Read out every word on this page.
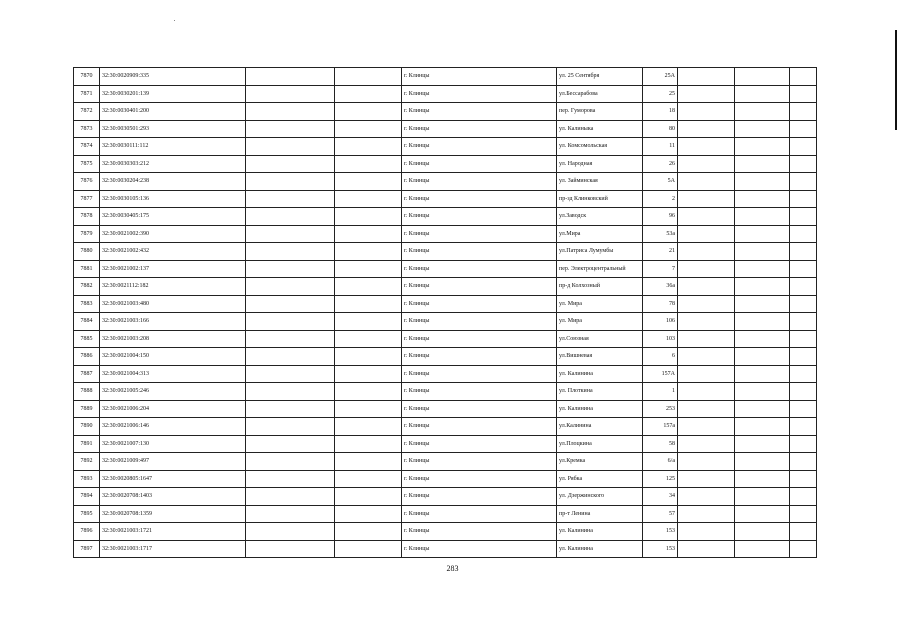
7870	32:30:0020909:335			г. Клинцы	ул. 25 Сентября	25А			
7871	32:30:0030201:139			г. Клинцы	ул.Бессарабова	25			
7872	32:30:0030401:200			г. Клинцы	пер. Гуморова	18			
7873	32:30:0030501:293			г. Клинцы	ул. Калиныка	80			
7874	32:30:0030111:112			г. Клинцы	ул. Комсомольская	11			
7875	32:30:0030303:212			г. Клинцы	ул. Народная	26			
7876	32:30:0030204:238			г. Клинцы	ул. Займинская	5А			
7877	32:30:0030105:136			г. Клинцы	пр-зд Клинковский	2			
7878	32:30:0030405:175			г. Клинцы	ул.Заводск	96			
7879	32:30:0021002:390			г. Клинцы	ул.Мира	53а			
7880	32:30:0021002:432			г. Клинцы	ул.Патриса Лумумбы	21			
7881	32:30:0021002:137			г. Клинцы	пер. Электроцентральный	7			
7882	32:30:0021112:182			г. Клинцы	пр-д Колхозный	36а			
7883	32:30:0021003:480			г. Клинцы	ул. Мира	78			
7884	32:30:0021003:166			г. Клинцы	ул. Мира	106			
7885	32:30:0021003:208			г. Клинцы	ул.Союзная	103			
7886	32:30:0021004:150			г. Клинцы	ул.Вишневая	6			
7887	32:30:0021004:313			г. Клинцы	ул. Калинина	157А			
7888	32:30:0021005:246			г. Клинцы	ул. Плоткина	1			
7889	32:30:0021006:204			г. Клинцы	ул. Калинина	253			
7890	32:30:0021006:146			г. Клинцы	ул.Калинина	157а			
7891	32:30:0021007:130			г. Клинцы	ул.Плоцкина	58			
7892	32:30:0021009:497			г. Клинцы	ул.Кремка	6/а			
7893	32:30:0020805:1647			г. Клинцы	ул. Рябка	125			
7894	32:30:0020708:1403			г. Клинцы	ул. Дзержинского	34			
7895	32:30:0020708:1359			г. Клинцы	пр-т Ленина	57			
7896	32:30:0021003:1721			г. Клинцы	ул. Калинина	153			
7897	32:30:0021003:1717			г. Клинцы	ул. Калинина	153			
283
